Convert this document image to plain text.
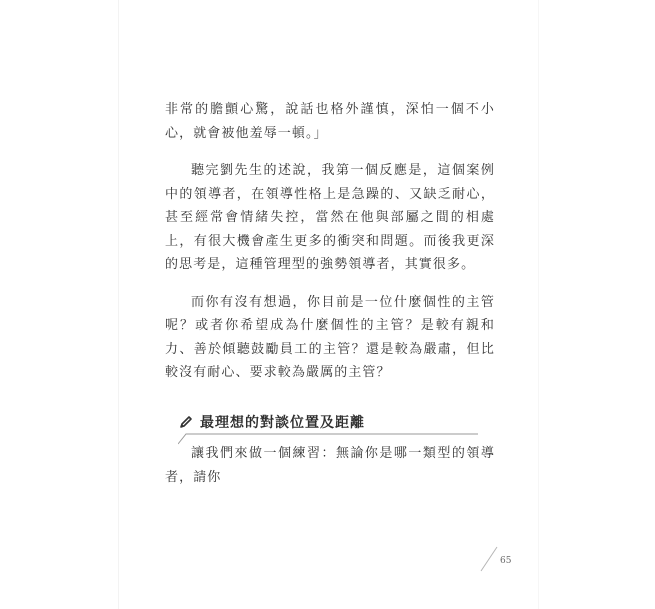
非常的膽顫心驚，說話也格外謹慎，深怕一個不小心，就會被他羞辱一頓。」

聽完劉先生的述說，我第一個反應是，這個案例中的領導者，在領導性格上是急躁的、又缺乏耐心，甚至經常會情緒失控，當然在他與部屬之間的相處上，有很大機會產生更多的衝突和問題。而後我更深的思考是，這種管理型的強勢領導者，其實很多。

而你有沒有想過，你目前是一位什麼個性的主管呢？或者你希望成為什麼個性的主管？是較有親和力、善於傾聽鼓勵員工的主管？還是較為嚴肅，但比較沒有耐心、要求較為嚴厲的主管？

最理想的對談位置及距離

讓我們來做一個練習：無論你是哪一類型的領導者，請你

65
